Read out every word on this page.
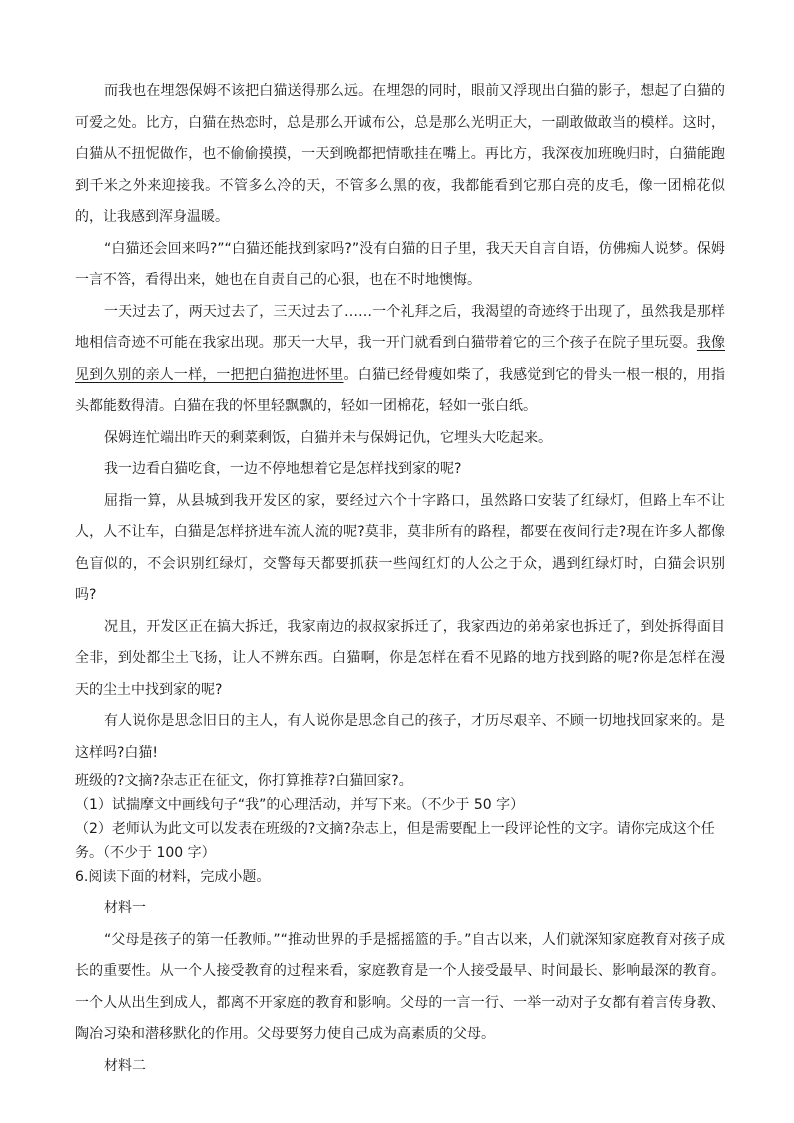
而我也在埋怨保姆不该把白猫送得那么远。在埋怨的同时，眼前又浮现出白猫的影子，想起了白猫的可爱之处。比方，白猫在热恋时，总是那么开诚布公，总是那么光明正大，一副敢做敢当的模样。这时，白猫从不扭怩做作，也不偷偷摸摸，一天到晚都把情歌挂在嘴上。再比方，我深夜加班晚归时，白猫能跑到千米之外来迎接我。不管多么冷的天，不管多么黑的夜，我都能看到它那白亮的皮毛，像一团棉花似的，让我感到浑身温暖。

“白猫还会回来吗?”“白猫还能找到家吗?”没有白猫的日子里，我天天自言自语，仿佛痴人说梦。保姆一言不答，看得出来，她也在自责自己的心狠，也在不时地懊悔。

一天过去了，两天过去了，三天过去了……一个礼拜之后，我渴望的奇迹终于出现了，虽然我是那样地相信奇迹不可能在我家出现。那天一大早，我一开门就看到白猫带着它的三个孩子在院子里玩耍。我像见到久别的亲人一样，一把把白猫抱进怀里。白猫已经骨瘦如柴了，我感觉到它的骨头一根一根的，用指头都能数得清。白猫在我的怀里轻飘飘的，轻如一团棉花，轻如一张白纸。

保姆连忙端出昨天的剩菜剩饭，白猫并未与保姆记仇，它埋头大吃起来。

我一边看白猫吃食，一边不停地想着它是怎样找到家的呢?

屈指一算，从县城到我开发区的家，要经过六个十字路口，虽然路口安装了红绿灯，但路上车不让人，人不让车，白猫是怎样挤进车流人流的呢?莫非，莫非所有的路程，都要在夜间行走?現在许多人都像色盲似的，不会识别红绿灯，交警每天都要抓获一些闯红灯的人公之于众，遇到红绿灯时，白猫会识别吗?

况且，开发区正在搞大拆迁，我家南边的叔叔家拆迁了，我家西边的弟弟家也拆迁了，到处拆得面目全非，到处都尘土飞扬，让人不辨东西。白猫啊，你是怎样在看不见路的地方找到路的呢?你是怎样在漫天的尘土中找到家的呢?

有人说你是思念旧日的主人，有人说你是思念自己的孩子，才历尽艰辛、不顾一切地找回家来的。是这样吗?白猫!

班级的?文摘?杂志正在征文，你打算推荐?白猫回家?。

（1）试揣摩文中画线句子“我”的心理活动，并写下来。（不少于 50 字）

（2）老师认为此文可以发表在班级的?文摘?杂志上，但是需要配上一段评论性的文字。请你完成这个任务。（不少于 100 字）

6.阅读下面的材料，完成小题。

材料一

“父母是孩子的第一任教师。”“推动世界的手是摇摇篮的手。”自古以来，人们就深知家庭教育对孩子成长的重要性。从一个人接受教育的过程来看，家庭教育是一个人接受最早、时间最长、影响最深的教育。一个人从出生到成人，都离不开家庭的教育和影响。父母的一言一行、一举一动对子女都有着言传身教、陶冶习染和潜移默化的作用。父母要努力使自己成为高素质的父母。

材料二
